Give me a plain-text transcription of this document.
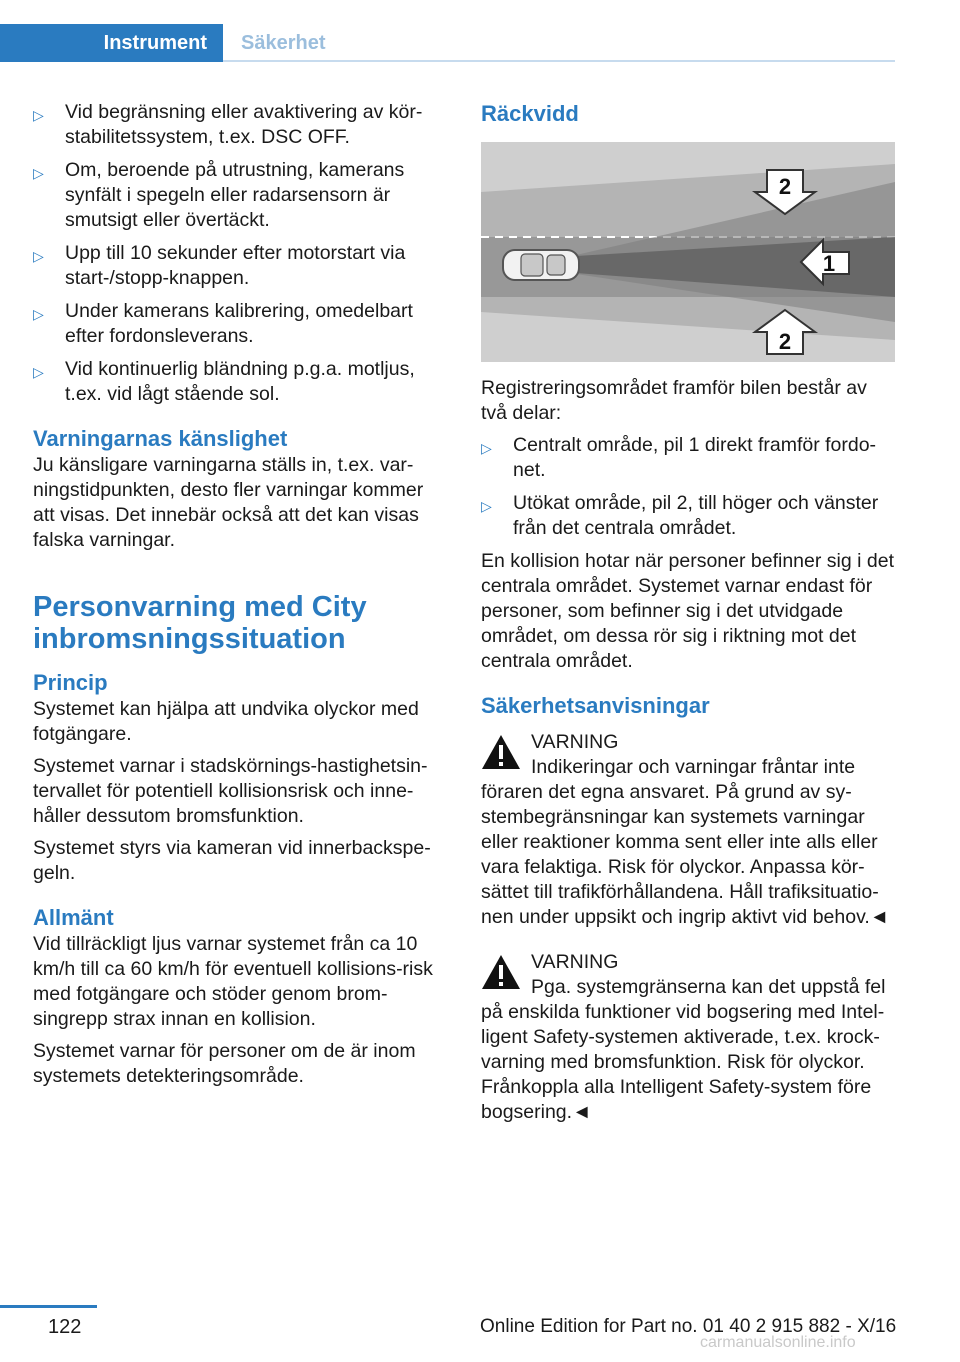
Instrument	Säkerhet
▷ Vid begränsning eller avaktivering av kör-stabilitetssystem, t.ex. DSC OFF.
▷ Om, beroende på utrustning, kamerans synfält i spegeln eller radarsensorn är smutsigt eller övertäckt.
▷ Upp till 10 sekunder efter motorstart via start-/stopp-knappen.
▷ Under kamerans kalibrering, omedelbart efter fordonsleverans.
▷ Vid kontinuerlig bländning p.g.a. motljus, t.ex. vid lågt stående sol.
Varningarnas känslighet

Ju känsligare varningarna ställs in, t.ex. var-ningstidpunkten, desto fler varningar kommer att visas. Det innebär också att det kan visas falska varningar.

Personvarning med City inbromsningssituation
Princip

Systemet kan hjälpa att undvika olyckor med fotgängare.

Systemet varnar i stadskörnings-hastighetsin-tervallet för potentiell kollisionsrisk och inne-håller dessutom bromsfunktion.

Systemet styrs via kameran vid innerbackspe-geln.

Allmänt

Vid tillräckligt ljus varnar systemet från ca 10 km/h till ca 60 km/h för eventuell kollisions-risk med fotgängare och stöder genom brom-singrepp strax innan en kollision.

Systemet varnar för personer om de är inom systemets detekteringsområde.

Räckvidd
2
1
2

Registreringsområdet framför bilen består av två delar:

▷ Centralt område, pil 1 direkt framför fordo-net.
▷ Utökat område, pil 2, till höger och vänster från det centrala området.

En kollision hotar när personer befinner sig i det centrala området. Systemet varnar endast för personer, som befinner sig i det utvidgade området, om dessa rör sig i riktning mot det centrala området.

Säkerhetsanvisningar
VARNING
Indikeringar och varningar fråntar inte
föraren det egna ansvaret. På grund av sy-stembegränsningar kan systemets varningar eller reaktioner komma sent eller inte alls eller vara felaktiga. Risk för olyckor. Anpassa kör-sättet till trafikförhållandena. Håll trafiksituatio-nen under uppsikt och ingrip aktivt vid behov.◄
VARNING
Pga. systemgränserna kan det uppstå fel
på enskilda funktioner vid bogsering med Intel-ligent Safety-systemen aktiverade, t.ex. krock-varning med bromsfunktion. Risk för olyckor. Frånkoppla alla Intelligent Safety-system före bogsering.◄
122	Online Edition for Part no. 01 40 2 915 882 - X/16
carmanualsonline.info
